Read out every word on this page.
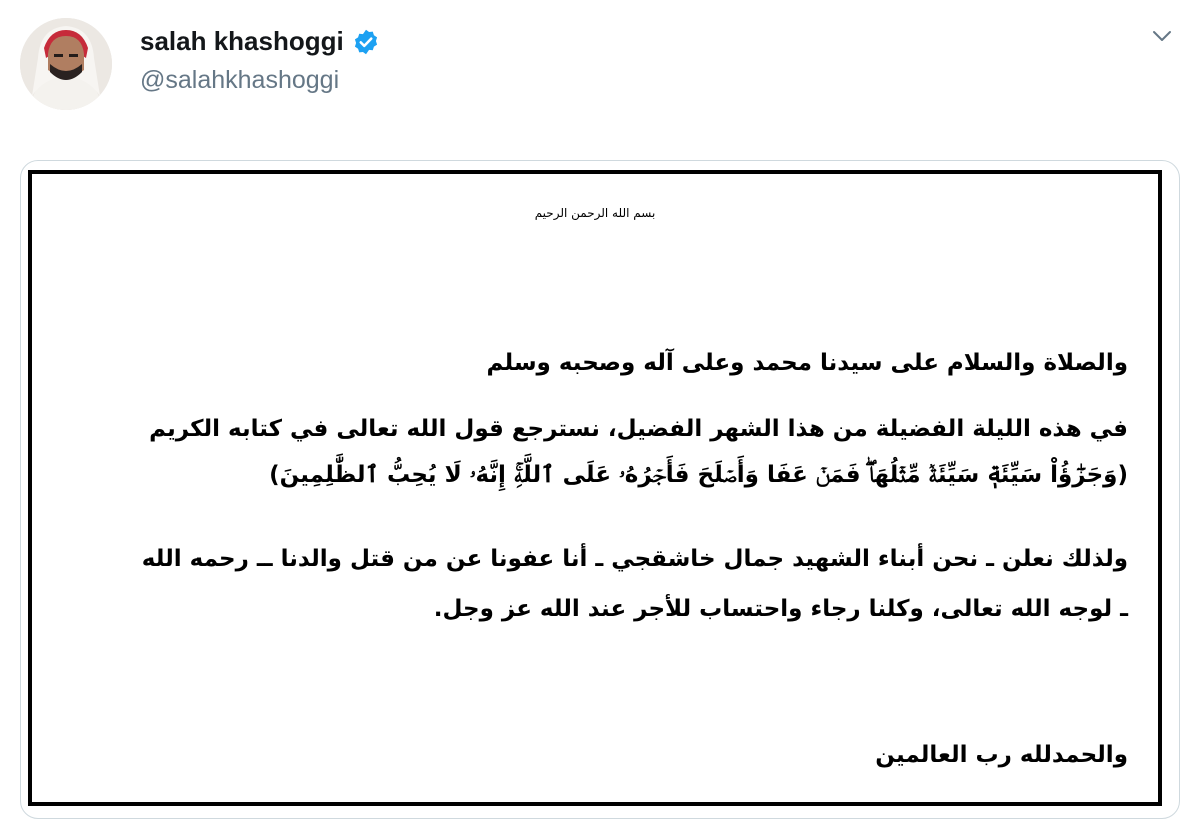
salah khashoggi
@salahkhashoggi
بسم الله الرحمن الرحيم
والصلاة والسلام على سيدنا محمد وعلى آله وصحبه وسلم
في هذه الليلة الفضيلة من هذا الشهر الفضيل، نسترجع قول الله تعالى في كتابه الكريم
(وَجَزَٰٓؤُاْ سَيِّئَةٖ سَيِّئَةٞ مِّثۡلُهَاۖ فَمَنۡ عَفَا وَأَصۡلَحَ فَأَجۡرُهُۥ عَلَى ٱللَّهِۚ إِنَّهُۥ لَا يُحِبُّ ٱلظَّٰلِمِينَ)
ولذلك نعلن ـ نحن أبناء الشهيد جمال خاشقجي ـ أنا عفونا عن من قتل والدنا ــ رحمه الله
ـ لوجه الله تعالى، وكلنا رجاء واحتساب للأجر عند الله عز وجل.
والحمدلله رب العالمين
